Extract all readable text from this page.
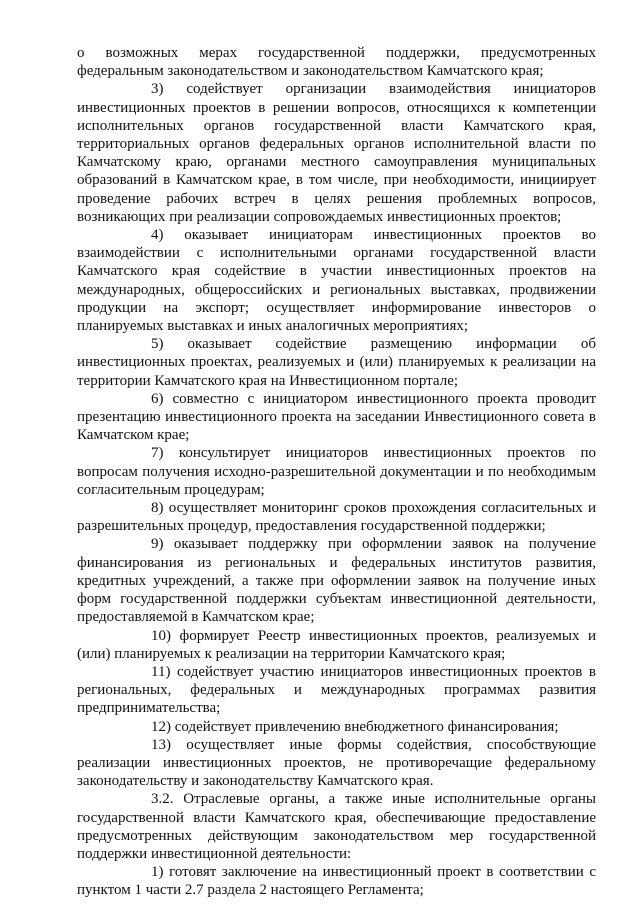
о возможных мерах государственной поддержки, предусмотренных федеральным законодательством и законодательством Камчатского края;

3) содействует организации взаимодействия инициаторов инвестиционных проектов в решении вопросов, относящихся к компетенции исполнительных органов государственной власти Камчатского края, территориальных органов федеральных органов исполнительной власти по Камчатскому краю, органами местного самоуправления муниципальных образований в Камчатском крае, в том числе, при необходимости, инициирует проведение рабочих встреч в целях решения проблемных вопросов, возникающих при реализации сопровождаемых инвестиционных проектов;

4) оказывает инициаторам инвестиционных проектов во взаимодействии с исполнительными органами государственной власти Камчатского края содействие в участии инвестиционных проектов на международных, общероссийских и региональных выставках, продвижении продукции на экспорт; осуществляет информирование инвесторов о планируемых выставках и иных аналогичных мероприятиях;

5) оказывает содействие размещению информации об инвестиционных проектах, реализуемых и (или) планируемых к реализации на территории Камчатского края на Инвестиционном портале;

6) совместно с инициатором инвестиционного проекта проводит презентацию инвестиционного проекта на заседании Инвестиционного совета в Камчатском крае;

7) консультирует инициаторов инвестиционных проектов по вопросам получения исходно-разрешительной документации и по необходимым согласительным процедурам;

8) осуществляет мониторинг сроков прохождения согласительных и разрешительных процедур, предоставления государственной поддержки;

9) оказывает поддержку при оформлении заявок на получение финансирования из региональных и федеральных институтов развития, кредитных учреждений, а также при оформлении заявок на получение иных форм государственной поддержки субъектам инвестиционной деятельности, предоставляемой в Камчатском крае;

10) формирует Реестр инвестиционных проектов, реализуемых и (или) планируемых к реализации на территории Камчатского края;

11) содействует участию инициаторов инвестиционных проектов в региональных, федеральных и международных программах развития предпринимательства;

12) содействует привлечению внебюджетного финансирования;

13) осуществляет иные формы содействия, способствующие реализации инвестиционных проектов, не противоречащие федеральному законодательству и законодательству Камчатского края.

3.2. Отраслевые органы, а также иные исполнительные органы государственной власти Камчатского края, обеспечивающие предоставление предусмотренных действующим законодательством мер государственной поддержки инвестиционной деятельности:

1) готовят заключение на инвестиционный проект в соответствии с пунктом 1 части 2.7 раздела 2 настоящего Регламента;
